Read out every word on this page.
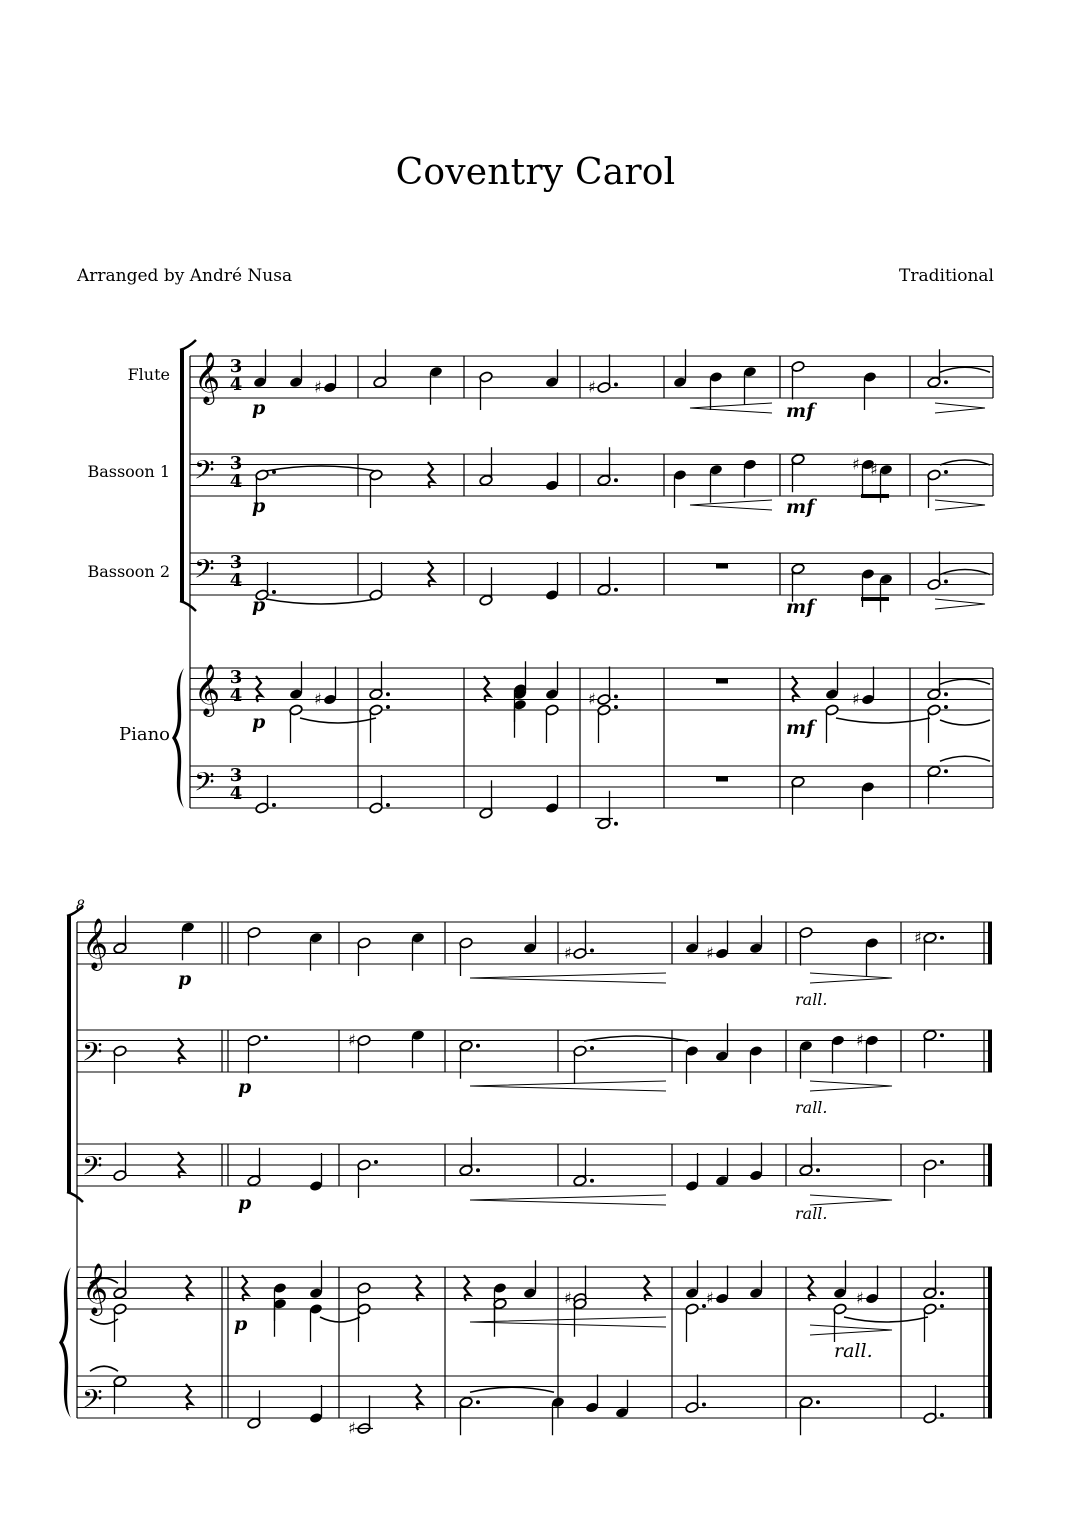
Coventry Carol
Arranged by André Nusa	Traditional
♯	♯
♯ ♯
♯	♯	♯
♯	♯
♯
♯	♯
♯	♯	♯
♯
Flute
Bassoon 1
Bassoon 2
Piano
8
3
4
3
4
3
4
3
4
3
4
p	mf
p	mf
p	mf
p	mf
p
p
p
p
rall.
rall.
rall.
rall.
𝄞
𝄢
𝄢
𝄞
𝄢
𝄞
𝄢
𝄢
𝄞
𝄢
